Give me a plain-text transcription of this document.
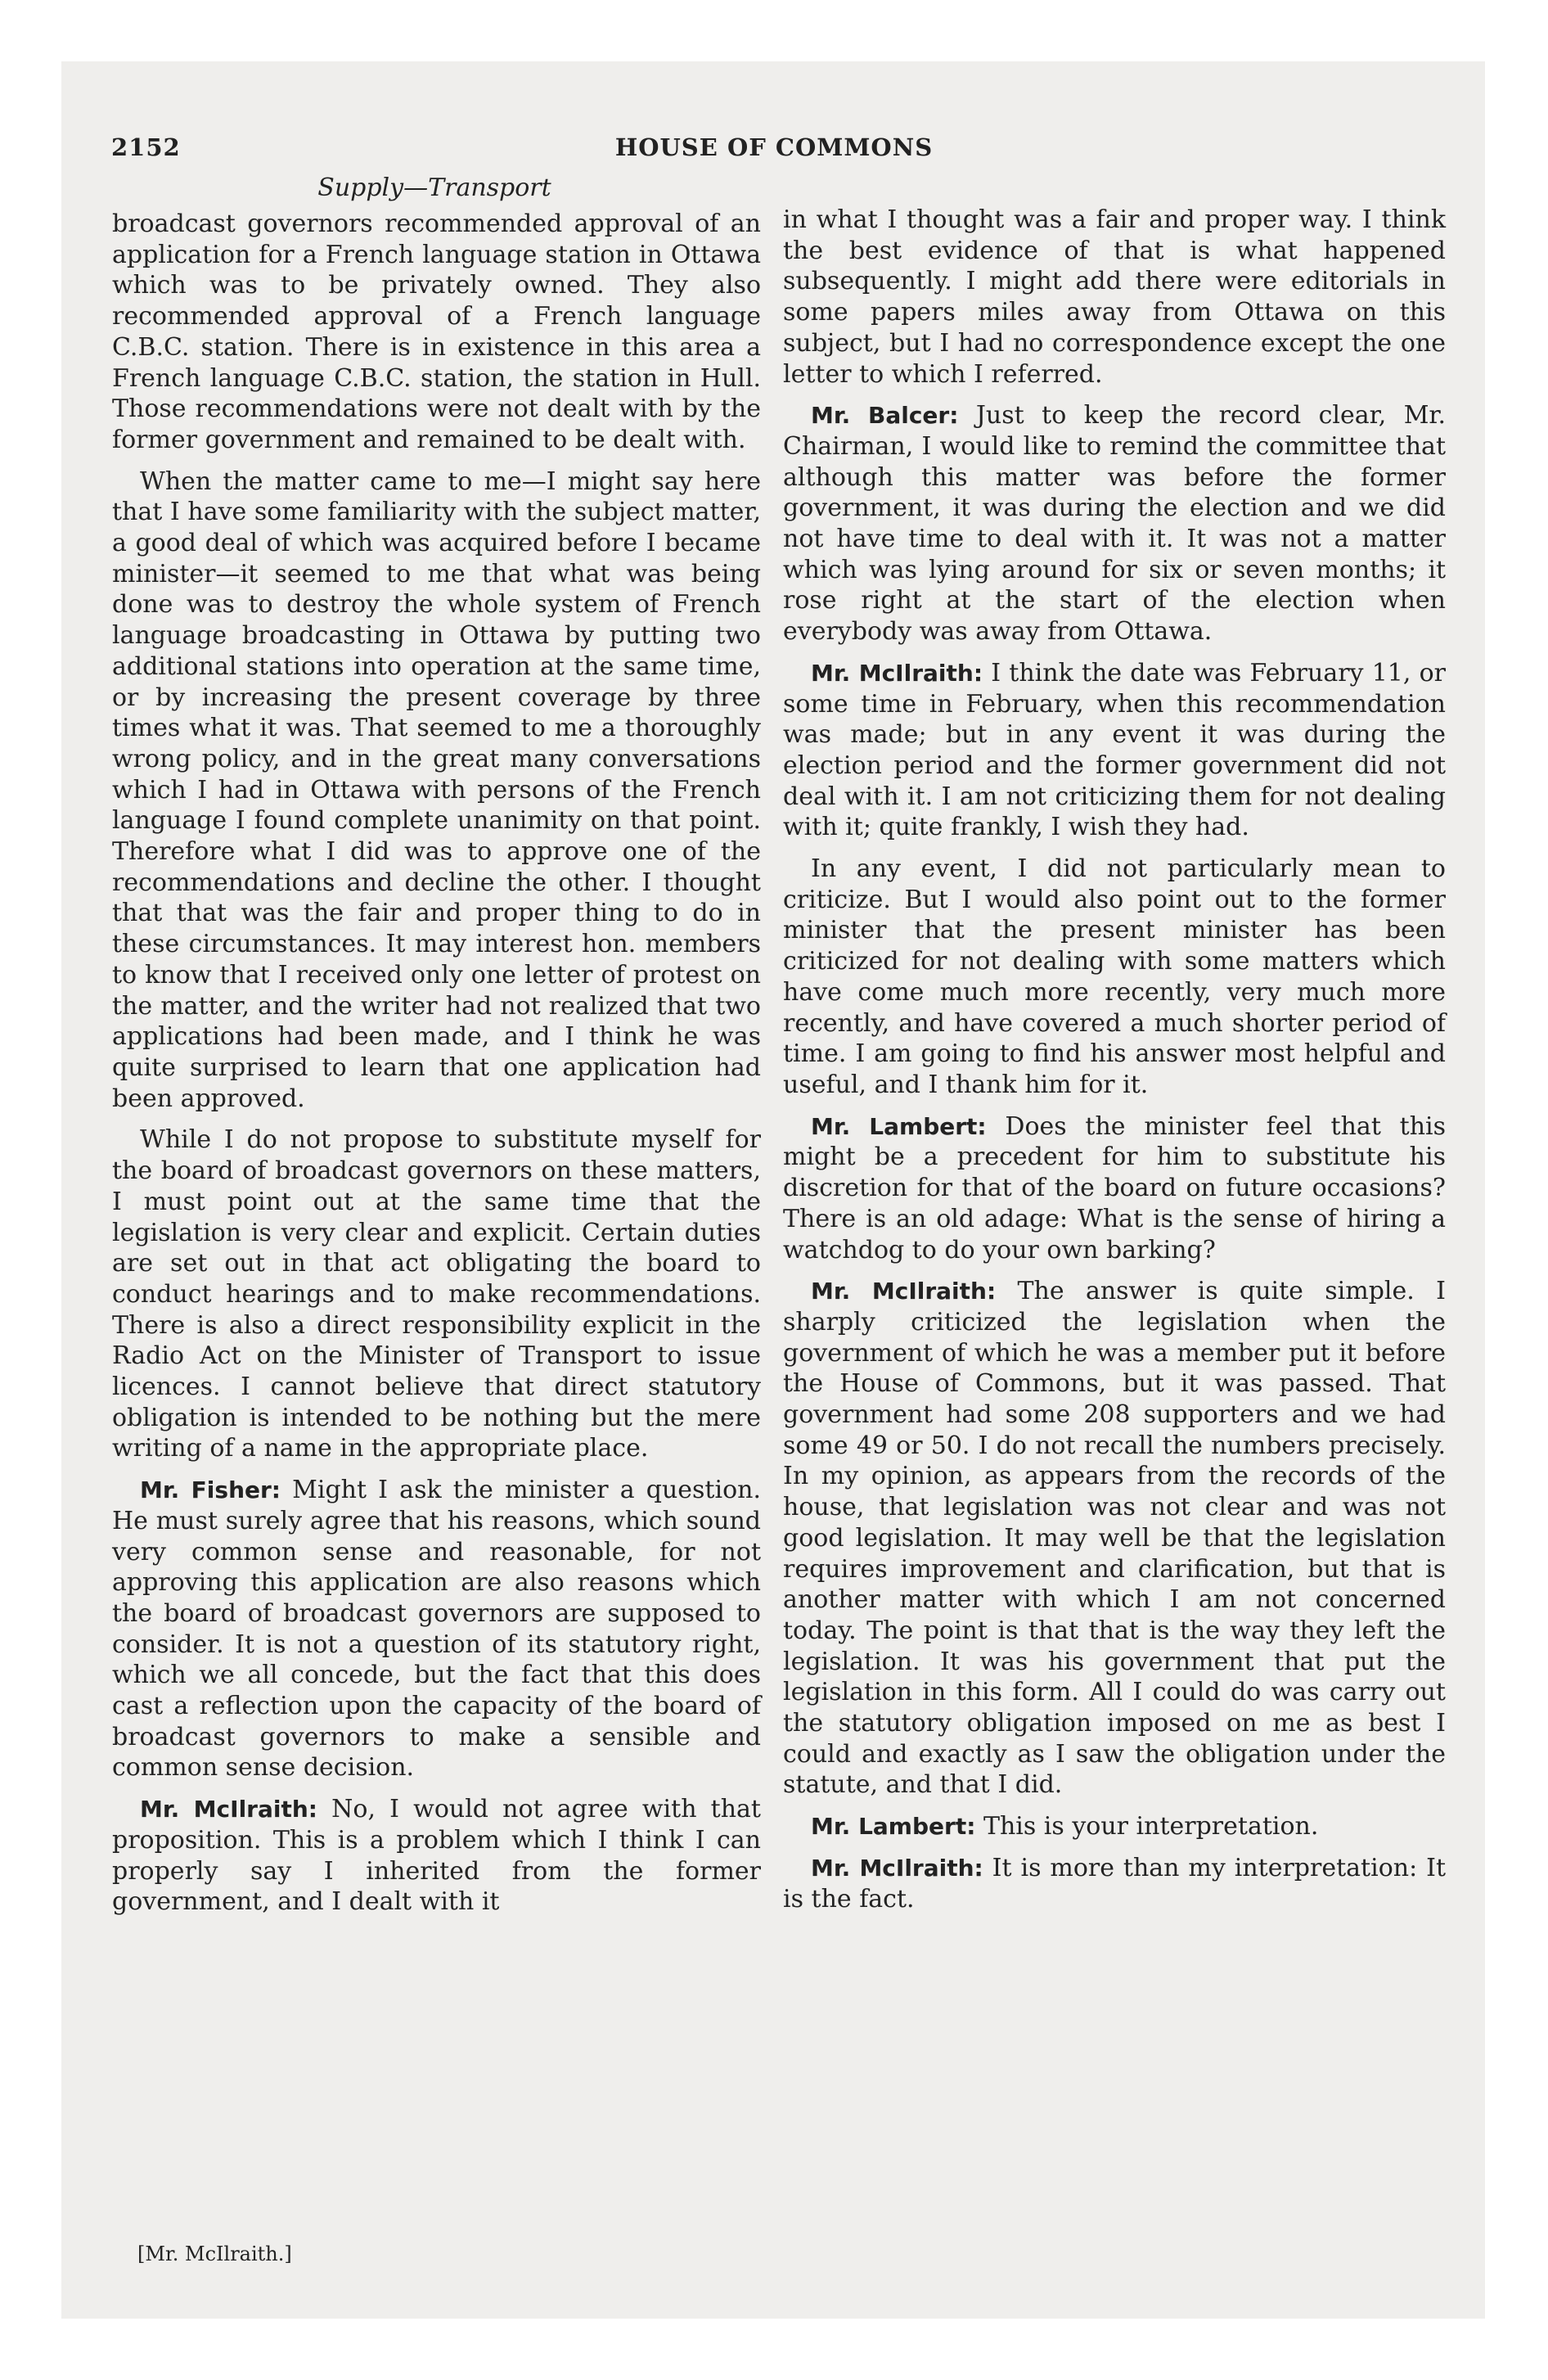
2152	HOUSE OF COMMONS
Supply—Transport

broadcast governors recommended approval of an application for a French language station in Ottawa which was to be privately owned. They also recommended approval of a French language C.B.C. station. There is in existence in this area a French language C.B.C. station, the station in Hull. Those recommendations were not dealt with by the former government and remained to be dealt with.

When the matter came to me—I might say here that I have some familiarity with the subject matter, a good deal of which was acquired before I became minister—it seemed to me that what was being done was to destroy the whole system of French language broadcasting in Ottawa by putting two additional stations into operation at the same time, or by increasing the present coverage by three times what it was. That seemed to me a thoroughly wrong policy, and in the great many conversations which I had in Ottawa with persons of the French language I found complete unanimity on that point. Therefore what I did was to approve one of the recommendations and decline the other. I thought that that was the fair and proper thing to do in these circumstances. It may interest hon. members to know that I received only one letter of protest on the matter, and the writer had not realized that two applications had been made, and I think he was quite surprised to learn that one application had been approved.

While I do not propose to substitute myself for the board of broadcast governors on these matters, I must point out at the same time that the legislation is very clear and explicit. Certain duties are set out in that act obligating the board to conduct hearings and to make recommendations. There is also a direct responsibility explicit in the Radio Act on the Minister of Transport to issue licences. I cannot believe that direct statutory obligation is intended to be nothing but the mere writing of a name in the appropriate place.

Mr. Fisher: Might I ask the minister a question. He must surely agree that his reasons, which sound very common sense and reasonable, for not approving this application are also reasons which the board of broadcast governors are supposed to consider. It is not a question of its statutory right, which we all concede, but the fact that this does cast a reflection upon the capacity of the board of broadcast governors to make a sensible and common sense decision.

Mr. McIlraith: No, I would not agree with that proposition. This is a problem which I think I can properly say I inherited from the former government, and I dealt with it

in what I thought was a fair and proper way. I think the best evidence of that is what happened subsequently. I might add there were editorials in some papers miles away from Ottawa on this subject, but I had no correspondence except the one letter to which I referred.

Mr. Balcer: Just to keep the record clear, Mr. Chairman, I would like to remind the committee that although this matter was before the former government, it was during the election and we did not have time to deal with it. It was not a matter which was lying around for six or seven months; it rose right at the start of the election when everybody was away from Ottawa.

Mr. McIlraith: I think the date was February 11, or some time in February, when this recommendation was made; but in any event it was during the election period and the former government did not deal with it. I am not criticizing them for not dealing with it; quite frankly, I wish they had.

In any event, I did not particularly mean to criticize. But I would also point out to the former minister that the present minister has been criticized for not dealing with some matters which have come much more recently, very much more recently, and have covered a much shorter period of time. I am going to find his answer most helpful and useful, and I thank him for it.

Mr. Lambert: Does the minister feel that this might be a precedent for him to substitute his discretion for that of the board on future occasions? There is an old adage: What is the sense of hiring a watchdog to do your own barking?

Mr. McIlraith: The answer is quite simple. I sharply criticized the legislation when the government of which he was a member put it before the House of Commons, but it was passed. That government had some 208 supporters and we had some 49 or 50. I do not recall the numbers precisely. In my opinion, as appears from the records of the house, that legislation was not clear and was not good legislation. It may well be that the legislation requires improvement and clarification, but that is another matter with which I am not concerned today. The point is that that is the way they left the legislation. It was his government that put the legislation in this form. All I could do was carry out the statutory obligation imposed on me as best I could and exactly as I saw the obligation under the statute, and that I did.

Mr. Lambert: This is your interpretation.

Mr. McIlraith: It is more than my interpretation: It is the fact.

[Mr. McIlraith.]
